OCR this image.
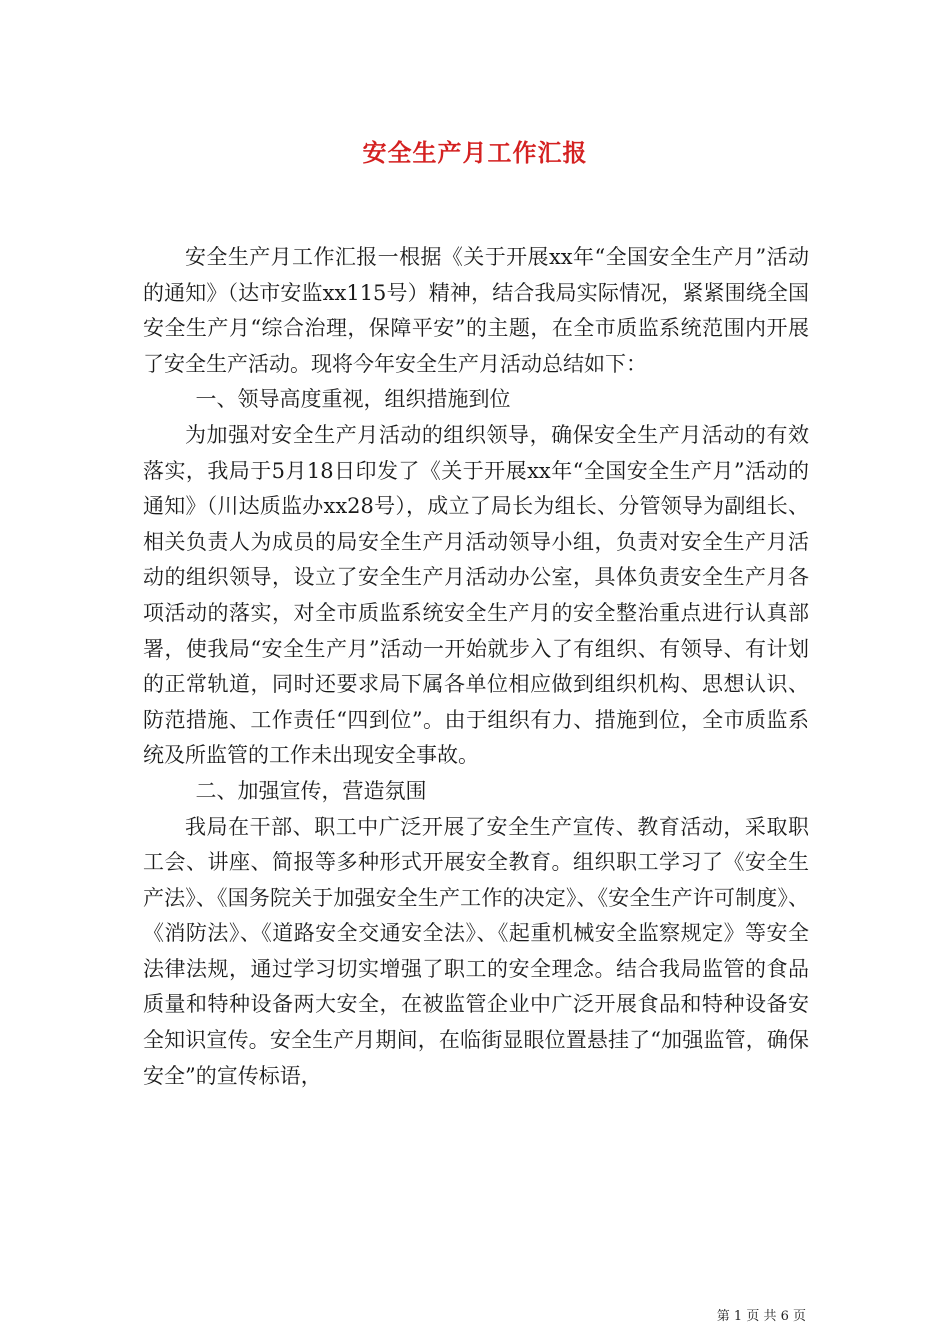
安全生产月工作汇报

安全生产月工作汇报一根据《关于开展xx年“全国安全生产月”活动的通知》（达市安监xx115号）精神，结合我局实际情况，紧紧围绕全国安全生产月“综合治理，保障平安”的主题，在全市质监系统范围内开展了安全生产活动。现将今年安全生产月活动总结如下：

一、领导高度重视，组织措施到位

为加强对安全生产月活动的组织领导，确保安全生产月活动的有效落实，我局于5月18日印发了《关于开展xx年“全国安全生产月”活动的通知》（川达质监办xx28号），成立了局长为组长、分管领导为副组长、相关负责人为成员的局安全生产月活动领导小组，负责对安全生产月活动的组织领导，设立了安全生产月活动办公室，具体负责安全生产月各项活动的落实，对全市质监系统安全生产月的安全整治重点进行认真部署，使我局“安全生产月”活动一开始就步入了有组织、有领导、有计划的正常轨道，同时还要求局下属各单位相应做到组织机构、思想认识、防范措施、工作责任“四到位”。由于组织有力、措施到位，全市质监系统及所监管的工作未出现安全事故。

二、加强宣传，营造氛围

我局在干部、职工中广泛开展了安全生产宣传、教育活动，采取职工会、讲座、简报等多种形式开展安全教育。组织职工学习了《安全生产法》、《国务院关于加强安全生产工作的决定》、《安全生产许可制度》、《消防法》、《道路安全交通安全法》、《起重机械安全监察规定》等安全法律法规，通过学习切实增强了职工的安全理念。结合我局监管的食品质量和特种设备两大安全，在被监管企业中广泛开展食品和特种设备安全知识宣传。安全生产月期间，在临街显眼位置悬挂了“加强监管，确保安全”的宣传标语，

第 1 页 共 6 页
